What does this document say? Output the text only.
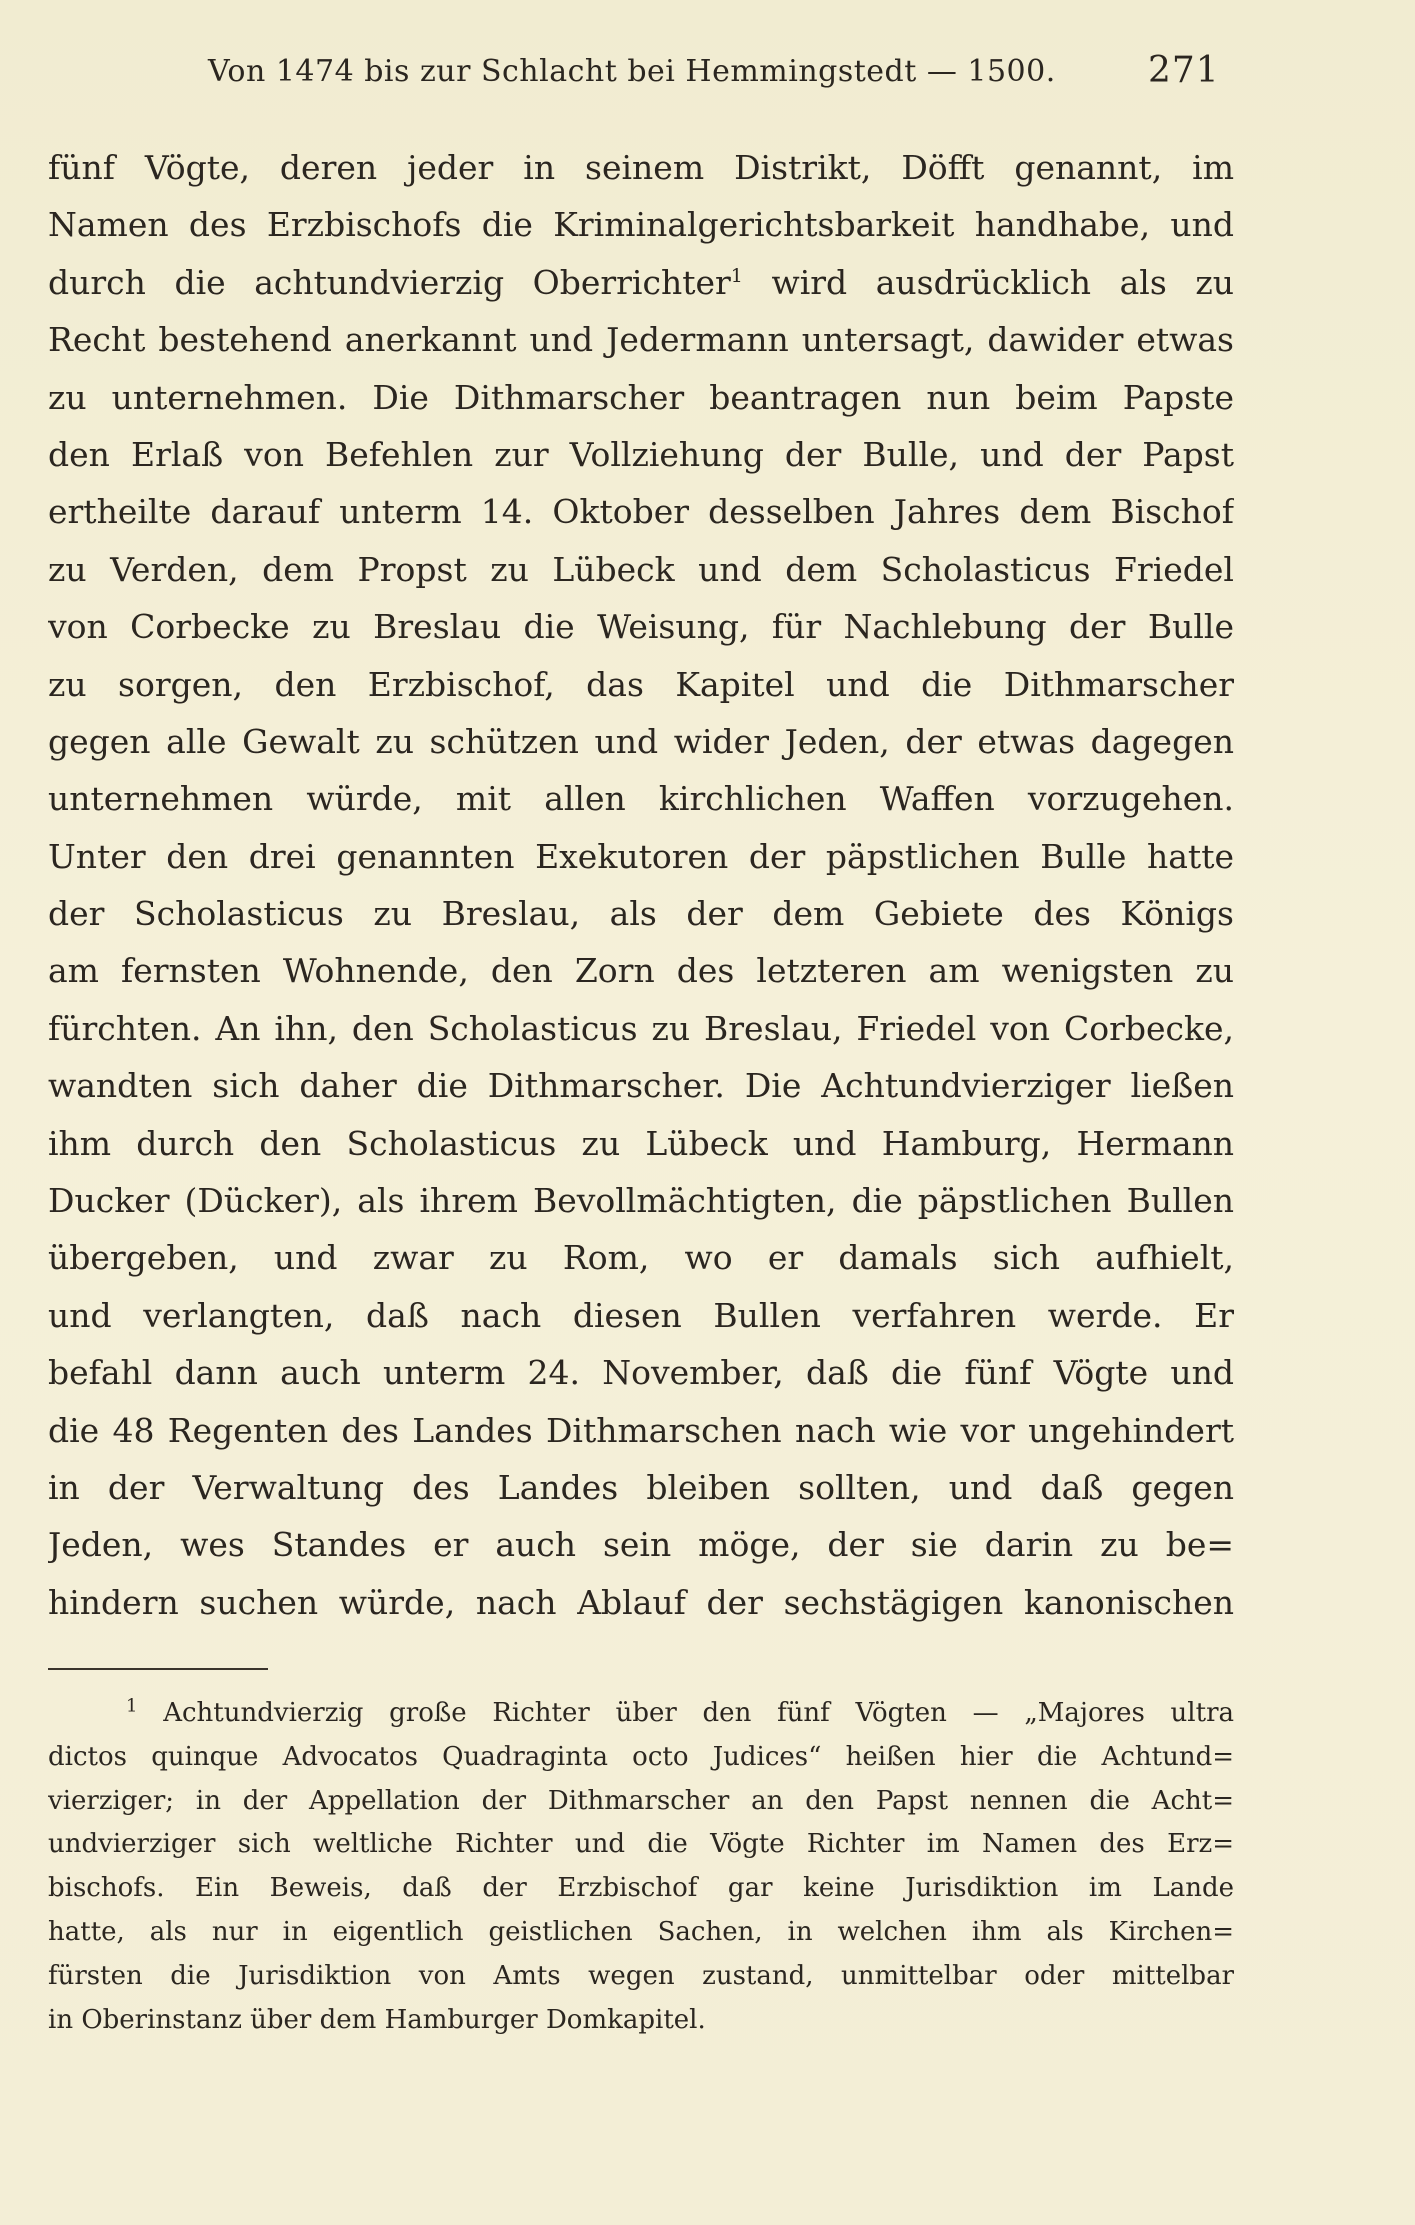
Von 1474 bis zur Schlacht bei Hemmingstedt — 1500.	271
fünf Vögte, deren jeder in seinem Distrikt, Döfft genannt, im
Namen des Erzbischofs die Kriminalgerichtsbarkeit handhabe, und
durch die achtundvierzig Oberrichter$^1$ wird ausdrücklich als zu
Recht bestehend anerkannt und Jedermann untersagt, dawider etwas
zu unternehmen. Die Dithmarscher beantragen nun beim Papste
den Erlaß von Befehlen zur Vollziehung der Bulle, und der Papst
ertheilte darauf unterm 14. Oktober desselben Jahres dem Bischof
zu Verden, dem Propst zu Lübeck und dem Scholasticus Friedel
von Corbecke zu Breslau die Weisung, für Nachlebung der Bulle
zu sorgen, den Erzbischof, das Kapitel und die Dithmarscher
gegen alle Gewalt zu schützen und wider Jeden, der etwas dagegen
unternehmen würde, mit allen kirchlichen Waffen vorzugehen.
Unter den drei genannten Exekutoren der päpstlichen Bulle hatte
der Scholasticus zu Breslau, als der dem Gebiete des Königs
am fernsten Wohnende, den Zorn des letzteren am wenigsten zu
fürchten. An ihn, den Scholasticus zu Breslau, Friedel von Corbecke,
wandten sich daher die Dithmarscher. Die Achtundvierziger ließen
ihm durch den Scholasticus zu Lübeck und Hamburg, Hermann
Ducker (Dücker), als ihrem Bevollmächtigten, die päpstlichen Bullen
übergeben, und zwar zu Rom, wo er damals sich aufhielt,
und verlangten, daß nach diesen Bullen verfahren werde. Er
befahl dann auch unterm 24. November, daß die fünf Vögte und
die 48 Regenten des Landes Dithmarschen nach wie vor ungehindert
in der Verwaltung des Landes bleiben sollten, und daß gegen
Jeden, wes Standes er auch sein möge, der sie darin zu be=
hindern suchen würde, nach Ablauf der sechstägigen kanonischen
$^1$ Achtundvierzig große Richter über den fünf Vögten — „Majores ultra
dictos quinque Advocatos Quadraginta octo Judices“ heißen hier die Achtund=
vierziger; in der Appellation der Dithmarscher an den Papst nennen die Acht=
undvierziger sich weltliche Richter und die Vögte Richter im Namen des Erz=
bischofs. Ein Beweis, daß der Erzbischof gar keine Jurisdiktion im Lande
hatte, als nur in eigentlich geistlichen Sachen, in welchen ihm als Kirchen=
fürsten die Jurisdiktion von Amts wegen zustand, unmittelbar oder mittelbar
in Oberinstanz über dem Hamburger Domkapitel.
